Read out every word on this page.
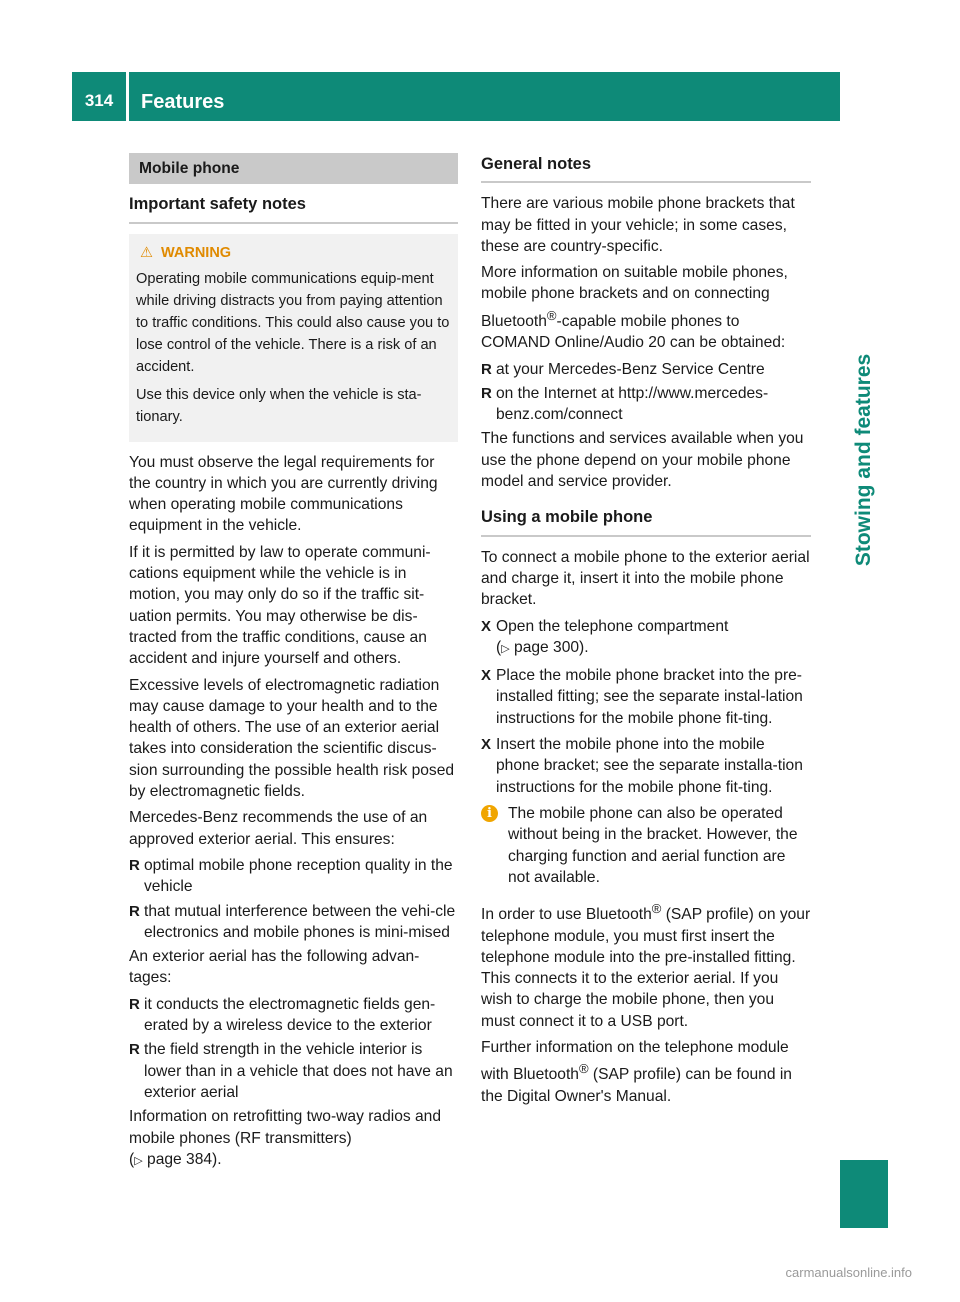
314	Features
Stowing and features
Mobile phone
Important safety notes
⚠ WARNING

Operating mobile communications equip-ment while driving distracts you from paying attention to traffic conditions. This could also cause you to lose control of the vehicle. There is a risk of an accident.

Use this device only when the vehicle is sta-tionary.

You must observe the legal requirements for the country in which you are currently driving when operating mobile communications equipment in the vehicle.

If it is permitted by law to operate communi-cations equipment while the vehicle is in motion, you may only do so if the traffic sit-uation permits. You may otherwise be dis-tracted from the traffic conditions, cause an accident and injure yourself and others.

Excessive levels of electromagnetic radiation may cause damage to your health and to the health of others. The use of an exterior aerial takes into consideration the scientific discus-sion surrounding the possible health risk posed by electromagnetic fields.

Mercedes-Benz recommends the use of an approved exterior aerial. This ensures:

R optimal mobile phone reception quality in the vehicle
R that mutual interference between the vehi-cle electronics and mobile phones is mini-mised

An exterior aerial has the following advan-tages:

R it conducts the electromagnetic fields gen-erated by a wireless device to the exterior
R the field strength in the vehicle interior is lower than in a vehicle that does not have an exterior aerial

Information on retrofitting two-way radios and mobile phones (RF transmitters)
(▷ page 384).

General notes

There are various mobile phone brackets that may be fitted in your vehicle; in some cases, these are country-specific.

More information on suitable mobile phones, mobile phone brackets and on connecting Bluetooth®-capable mobile phones to COMAND Online/Audio 20 can be obtained:

R at your Mercedes-Benz Service Centre
R on the Internet at http://www.mercedes-benz.com/connect

The functions and services available when you use the phone depend on your mobile phone model and service provider.

Using a mobile phone

To connect a mobile phone to the exterior aerial and charge it, insert it into the mobile phone bracket.

X Open the telephone compartment
(▷ page 300).
X Place the mobile phone bracket into the pre-installed fitting; see the separate instal-lation instructions for the mobile phone fit-ting.
X Insert the mobile phone into the mobile phone bracket; see the separate installa-tion instructions for the mobile phone fit-ting.
i	The mobile phone can also be operated without being in the bracket. However, the charging function and aerial function are not available.

In order to use Bluetooth® (SAP profile) on your telephone module, you must first insert the telephone module into the pre-installed fitting. This connects it to the exterior aerial. If you wish to charge the mobile phone, then you must connect it to a USB port.

Further information on the telephone module with Bluetooth® (SAP profile) can be found in the Digital Owner's Manual.

carmanualsonline.info
